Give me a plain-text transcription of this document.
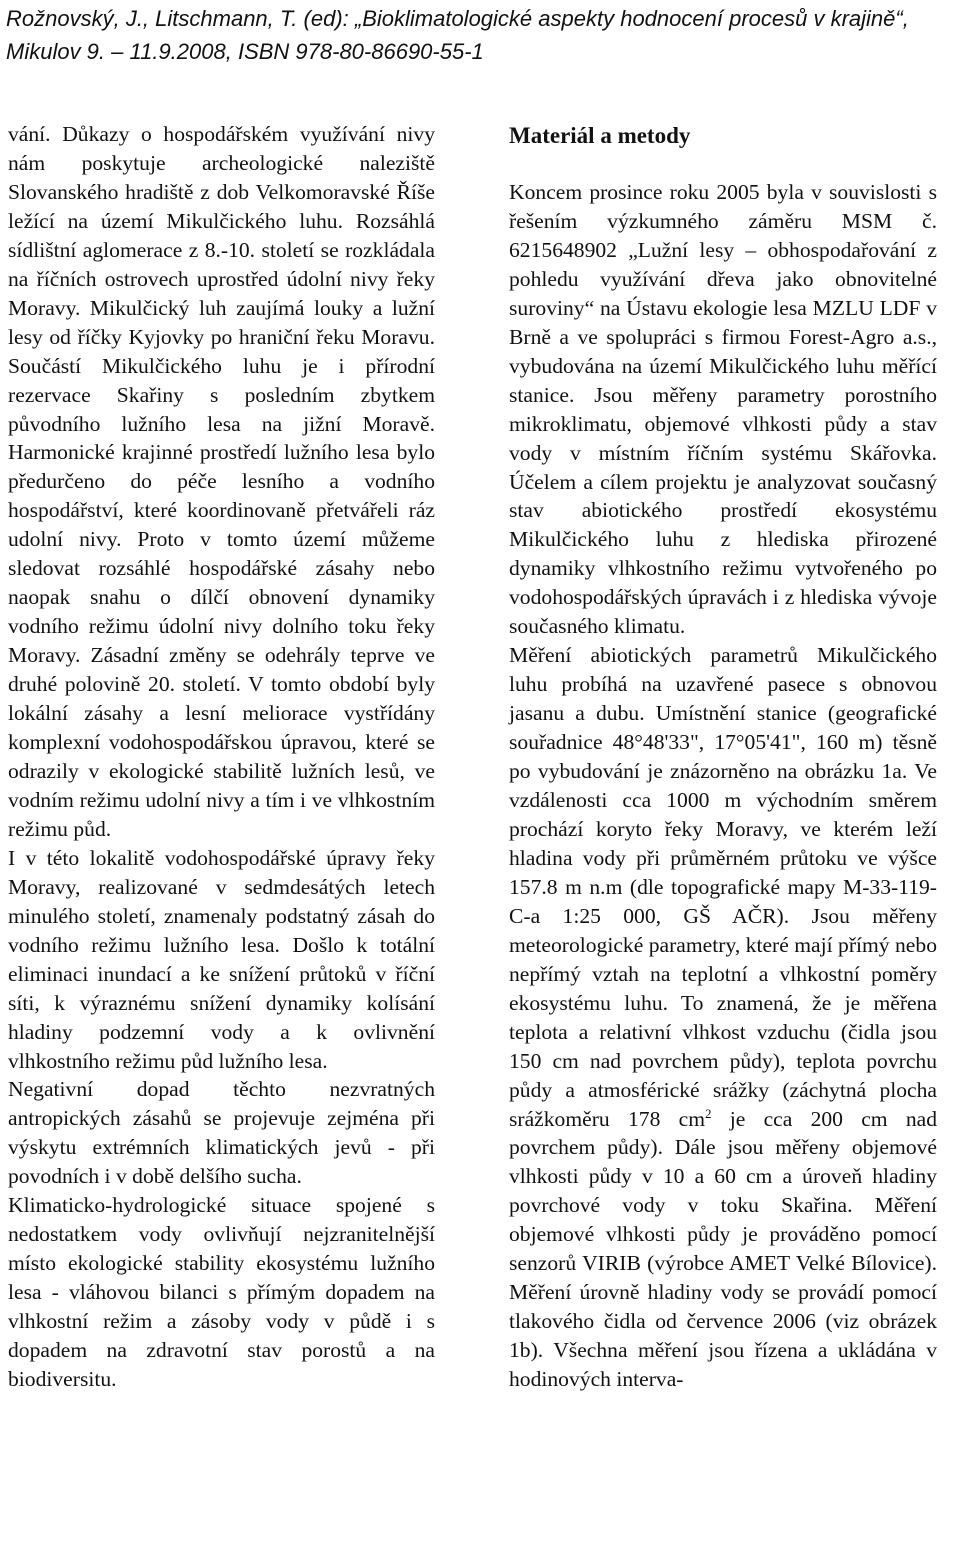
Rožnovský, J., Litschmann, T. (ed): „Bioklimatologické aspekty hodnocení procesů v krajině“,
Mikulov 9. – 11.9.2008, ISBN 978-80-86690-55-1

vání. Důkazy o hospodářském využívání nivy nám poskytuje archeologické naleziště Slovanského hradiště z dob Velkomoravské Říše ležící na území Mikulčického luhu. Rozsáhlá sídlištní aglomerace z 8.-10. století se rozkládala na říčních ostrovech uprostřed údolní nivy řeky Moravy. Mikulčický luh zaujímá louky a lužní lesy od říčky Kyjovky po hraniční řeku Moravu. Součástí Mikulčického luhu je i přírodní rezervace Skařiny s posledním zbytkem původního lužního lesa na jižní Moravě. Harmonické krajinné prostředí lužního lesa bylo předurčeno do péče lesního a vodního hospodářství, které koordinovaně přetvářeli ráz udolní nivy. Proto v tomto území můžeme sledovat rozsáhlé hospodářské zásahy nebo naopak snahu o dílčí obnovení dynamiky vodního režimu údolní nivy dolního toku řeky Moravy. Zásadní změny se odehrály teprve ve druhé polovině 20. století. V tomto období byly lokální zásahy a lesní meliorace vystřídány komplexní vodohospodářskou úpravou, které se odrazily v ekologické stabilitě lužních lesů, ve vodním režimu udolní nivy a tím i ve vlhkostním režimu půd.

I v této lokalitě vodohospodářské úpravy řeky Moravy, realizované v sedmdesátých letech minulého století, znamenaly podstatný zásah do vodního režimu lužního lesa. Došlo k totální eliminaci inundací a ke snížení průtoků v říční síti, k výraznému snížení dynamiky kolísání hladiny podzemní vody a k ovlivnění vlhkostního režimu půd lužního lesa.

Negativní dopad těchto nezvratných antropických zásahů se projevuje zejména při výskytu extrémních klimatických jevů - při povodních i v době delšího sucha.

Klimaticko-hydrologické situace spojené s nedostatkem vody ovlivňují nejzranitelnější místo ekologické stability ekosystému lužního lesa - vláhovou bilanci s přímým dopadem na vlhkostní režim a zásoby vody v půdě i s dopadem na zdravotní stav porostů a na biodiversitu.

Materiál a metody

Koncem prosince roku 2005 byla v souvislosti s řešením výzkumného záměru MSM č. 6215648902 „Lužní lesy – obhospodařování z pohledu využívání dřeva jako obnovitelné suroviny“ na Ústavu ekologie lesa MZLU LDF v Brně a ve spolupráci s firmou Forest-Agro a.s., vybudována na území Mikulčického luhu měřící stanice. Jsou měřeny parametry porostního mikroklimatu, objemové vlhkosti půdy a stav vody v místním říčním systému Skářovka. Účelem a cílem projektu je analyzovat současný stav abiotického prostředí ekosystému Mikulčického luhu z hlediska přirozené dynamiky vlhkostního režimu vytvořeného po vodohospodářských úpravách i z hlediska vývoje současného klimatu.

Měření abiotických parametrů Mikulčického luhu probíhá na uzavřené pasece s obnovou jasanu a dubu. Umístnění stanice (geografické souřadnice 48°48'33", 17°05'41", 160 m) těsně po vybudování je znázorněno na obrázku 1a. Ve vzdálenosti cca 1000 m východním směrem prochází koryto řeky Moravy, ve kterém leží hladina vody při průměrném průtoku ve výšce 157.8 m n.m (dle topografické mapy M-33-119-C-a 1:25 000, GŠ AČR). Jsou měřeny meteorologické parametry, které mají přímý nebo nepřímý vztah na teplotní a vlhkostní poměry ekosystému luhu. To znamená, že je měřena teplota a relativní vlhkost vzduchu (čidla jsou 150 cm nad povrchem půdy), teplota povrchu půdy a atmosférické srážky (záchytná plocha srážkoměru 178 $cm^2$ je cca 200 cm nad povrchem půdy). Dále jsou měřeny objemové vlhkosti půdy v 10 a 60 cm a úroveň hladiny povrchové vody v toku Skařina. Měření objemové vlhkosti půdy je prováděno pomocí senzorů VIRIB (výrobce AMET Velké Bílovice). Měření úrovně hladiny vody se provádí pomocí tlakového čidla od července 2006 (viz obrázek 1b). Všechna měření jsou řízena a ukládána v hodinových interva-
